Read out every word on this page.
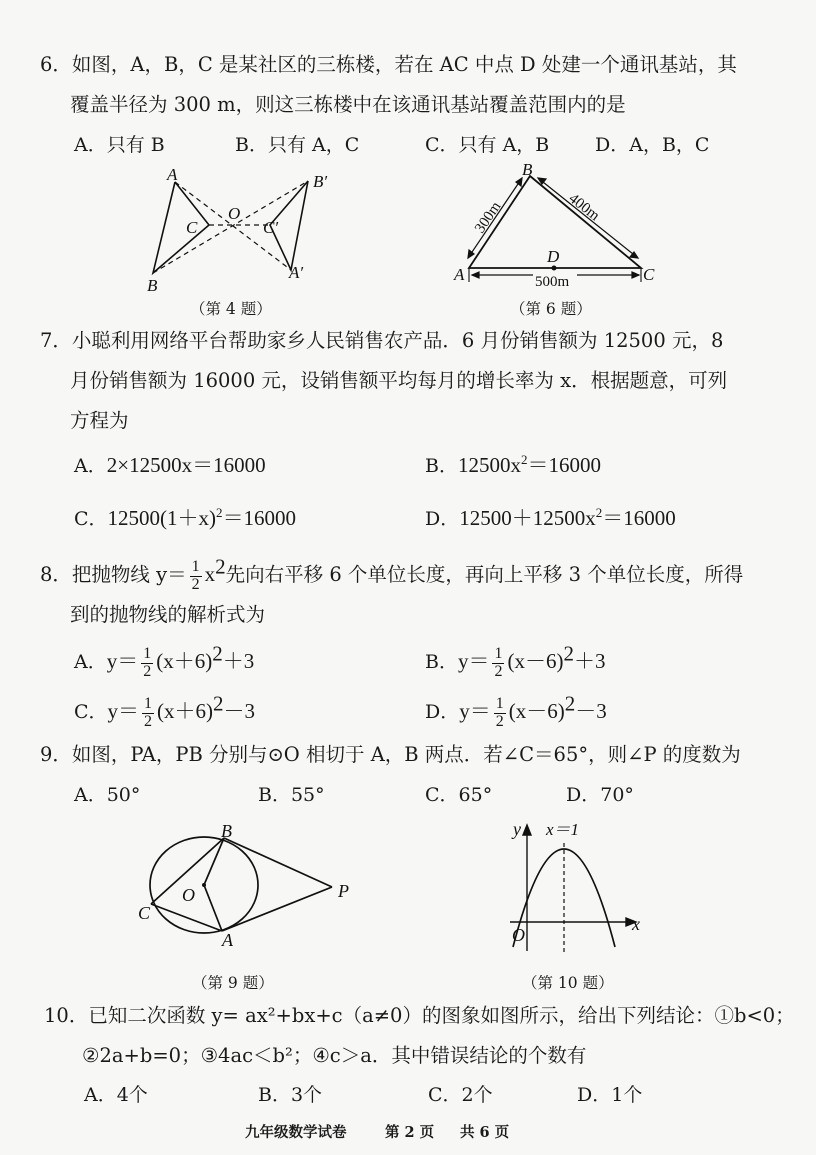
6．如图，A，B，C 是某社区的三栋楼，若在 AC 中点 D 处建一个通讯基站，其
覆盖半径为 300 m，则这三栋楼中在该通讯基站覆盖范围内的是
A．只有 B	B．只有 A，C	C．只有 A，B D．A，B，C
A
B
C
O
B′
C′
A′
（第 4 题）
A
B
C
D
300m	400m
500m
（第 6 题）
7．小聪利用网络平台帮助家乡人民销售农产品．6 月份销售额为 12500 元，8
月份销售额为 16000 元，设销售额平均每月的增长率为 x．根据题意，可列
方程为
A．2×12500x＝16000	B．$12500x^2=16000$
C．$12500(1+x)^2=16000$	D．$12500+12500x^2=16000$
8．把抛物线 $y= \frac{1}{2} x^2$先向右平移 6 个单位长度，再向上平移 3 个单位长度，所得
到的抛物线的解析式为
A．$y= \frac{1}{2} (x+6)^2+3$	B．$y= \frac{1}{2} (x-6)^2+3$
C．$y= \frac{1}{2} (x+6)^2-3$	D．$y= \frac{1}{2} (x-6)^2-3$
9．如图，PA，PB 分别与⊙O 相切于 A，B 两点．若∠C＝65°，则∠P 的度数为
A．50°	B．55°	C．65°	D．70°
B
O
C
A
P
（第 9 题）
y x＝1
x
O
（第 10 题）
10．已知二次函数 y= ax²+bx+c（a≠0）的图象如图所示，给出下列结论：①b<0；
②2a+b=0；③4ac＜b²；④c＞a．其中错误结论的个数有
A．4个	B．3个	C．2个	D．1个
九年级数学试卷	第 2 页 共 6 页
